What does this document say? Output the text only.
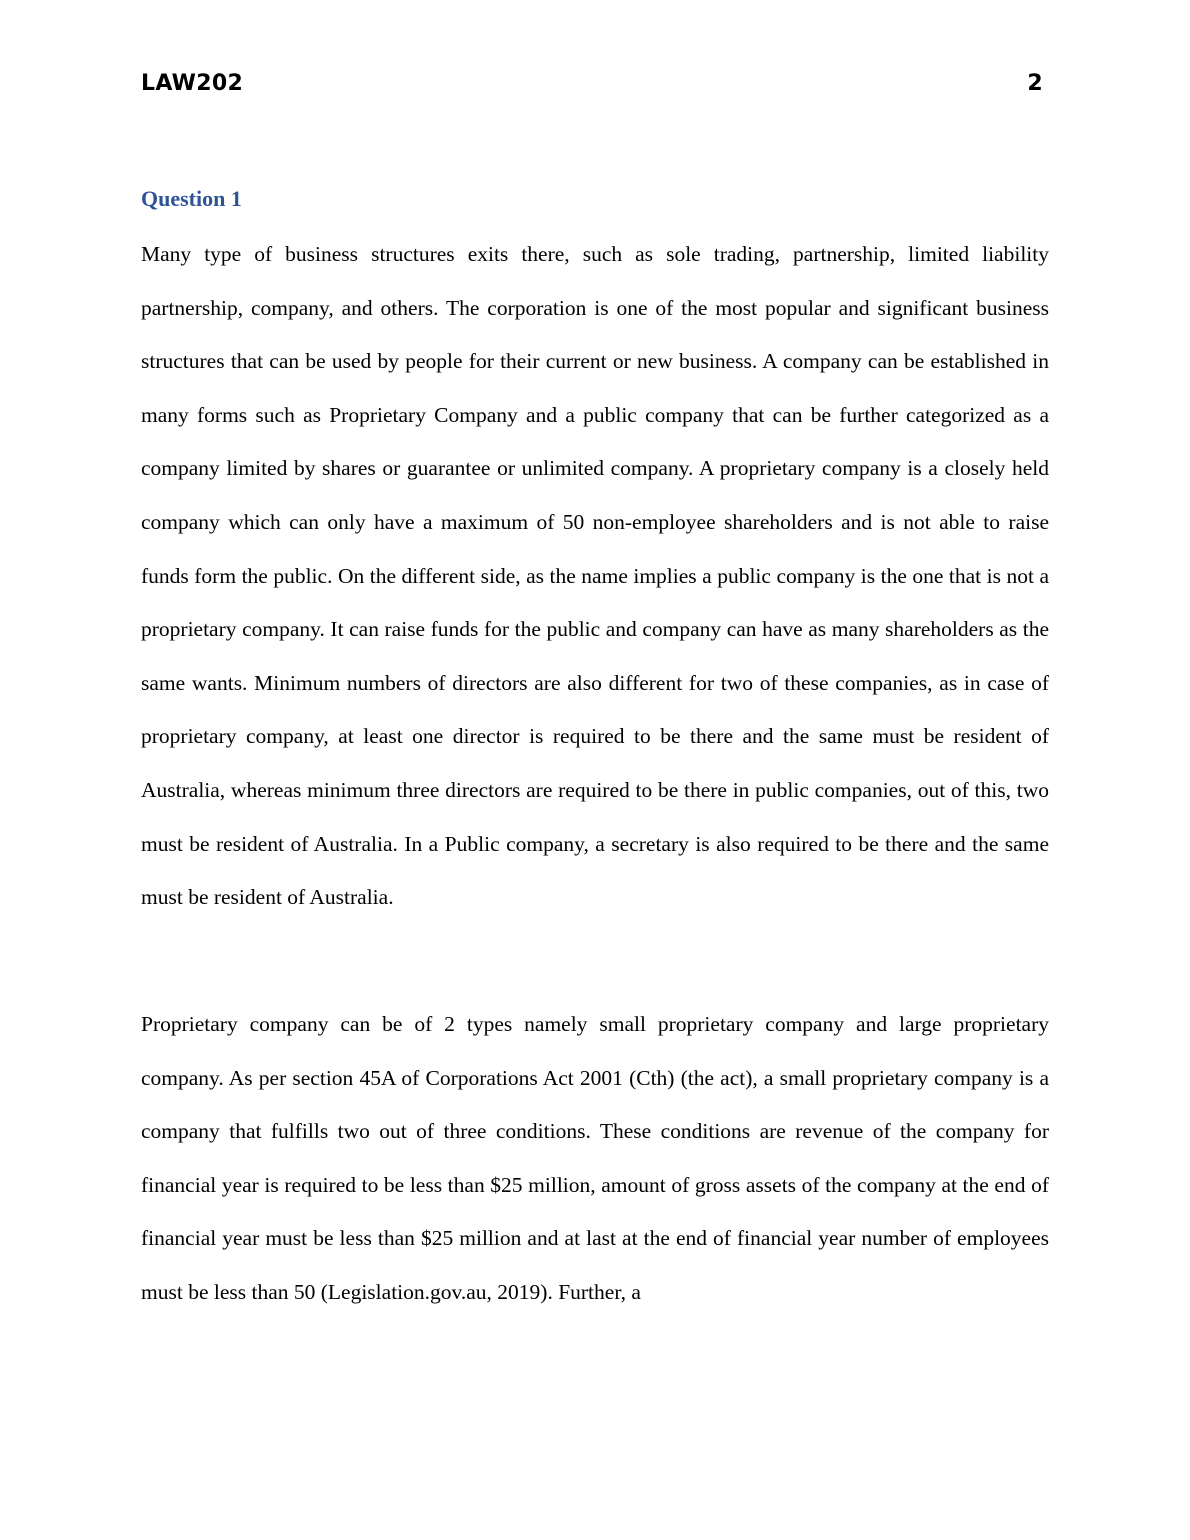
LAW202	2
Question 1

Many type of business structures exits there, such as sole trading, partnership, limited liability partnership, company, and others. The corporation is one of the most popular and significant business structures that can be used by people for their current or new business. A company can be established in many forms such as Proprietary Company and a public company that can be further categorized as a company limited by shares or guarantee or unlimited company. A proprietary company is a closely held company which can only have a maximum of 50 non-employee shareholders and is not able to raise funds form the public. On the different side, as the name implies a public company is the one that is not a proprietary company. It can raise funds for the public and company can have as many shareholders as the same wants. Minimum numbers of directors are also different for two of these companies, as in case of proprietary company, at least one director is required to be there and the same must be resident of Australia, whereas minimum three directors are required to be there in public companies, out of this, two must be resident of Australia. In a Public company, a secretary is also required to be there and the same must be resident of Australia.

Proprietary company can be of 2 types namely small proprietary company and large proprietary company. As per section 45A of Corporations Act 2001 (Cth) (the act), a small proprietary company is a company that fulfills two out of three conditions. These conditions are revenue of the company for financial year is required to be less than $25 million, amount of gross assets of the company at the end of financial year must be less than $25 million and at last at the end of financial year number of employees must be less than 50 (Legislation.gov.au, 2019). Further, a
